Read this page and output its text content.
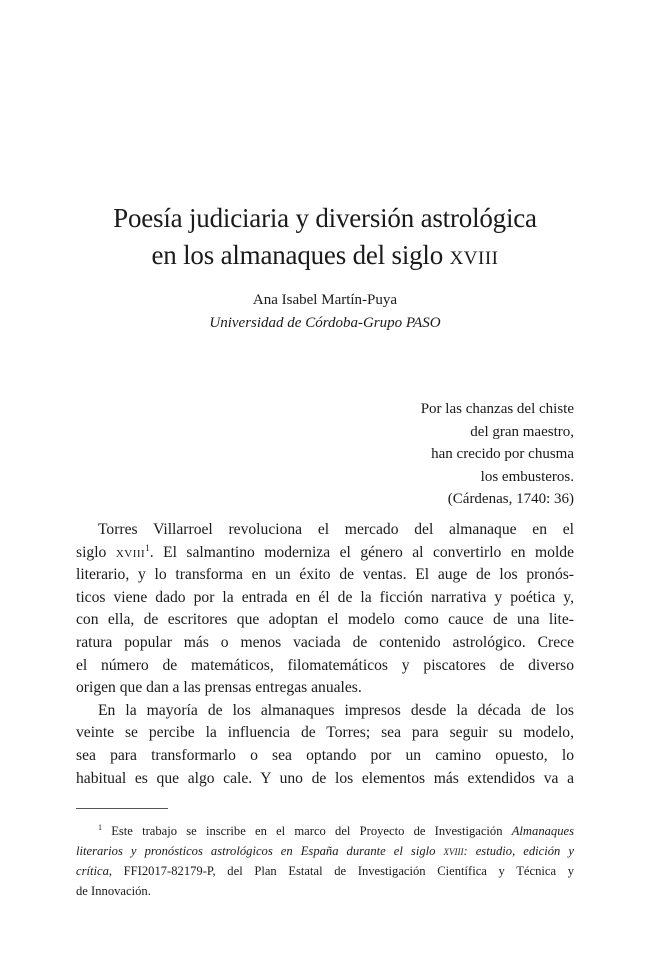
Poesía judiciaria y diversión astrológica
en los almanaques del siglo xviii
Ana Isabel Martín-Puya
Universidad de Córdoba-Grupo PASO
Por las chanzas del chiste
del gran maestro,
han crecido por chusma
los embusteros.
(Cárdenas, 1740: 36)
Torres Villarroel revoluciona el mercado del almanaque en el
siglo xviii$^1$. El salmantino moderniza el género al convertirlo en molde
literario, y lo transforma en un éxito de ventas. El auge de los pronós-
ticos viene dado por la entrada en él de la ficción narrativa y poética y,
con ella, de escritores que adoptan el modelo como cauce de una lite-
ratura popular más o menos vaciada de contenido astrológico. Crece
el número de matemáticos, filomatemáticos y piscatores de diverso
origen que dan a las prensas entregas anuales.
En la mayoría de los almanaques impresos desde la década de los
veinte se percibe la influencia de Torres; sea para seguir su modelo,
sea para transformarlo o sea optando por un camino opuesto, lo
habitual es que algo cale. Y uno de los elementos más extendidos va a
$^1$ Este trabajo se inscribe en el marco del Proyecto de Investigación Almanaques
literarios y pronósticos astrológicos en España durante el siglo xviii: estudio, edición y
crítica, FFI2017-82179-P, del Plan Estatal de Investigación Científica y Técnica y
de Innovación.
